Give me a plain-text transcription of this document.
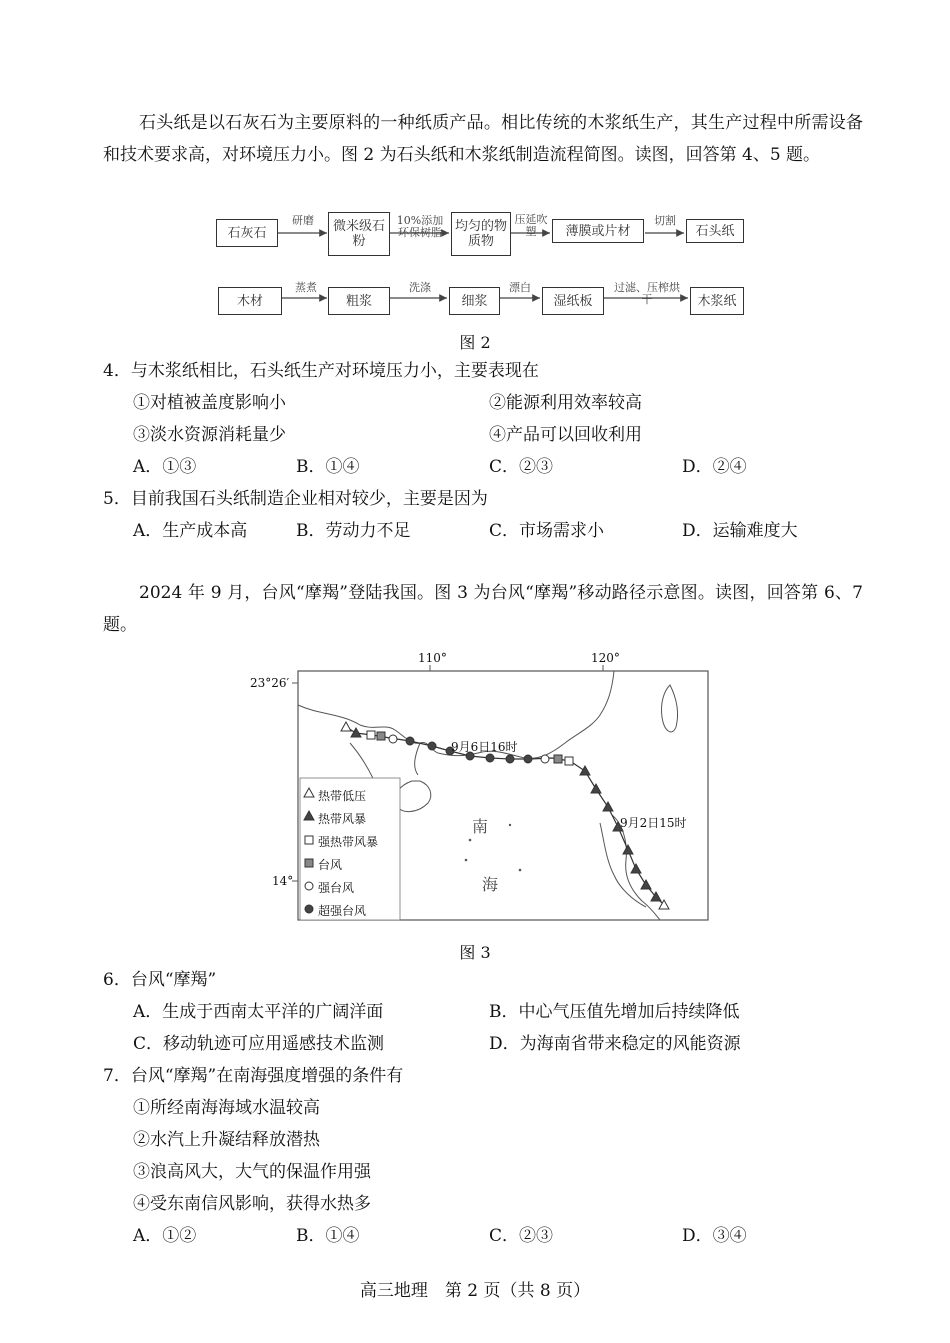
石头纸是以石灰石为主要原料的一种纸质产品。相比传统的木浆纸生产，其生产过程中所需设备和技术要求高，对环境压力小。图 2 为石头纸和木浆纸制造流程简图。读图，回答第 4、5 题。
石灰石	微米级石粉
均匀的物质物
薄膜或片材	石头纸
研磨	10%添加环保树脂
压延吹塑
切割
木材	粗浆	细浆	湿纸板	木浆纸
蒸煮	洗涤	漂白	过滤、压榨烘干
图 2
4．与木浆纸相比，石头纸生产对环境压力小，主要表现在
①对植被盖度影响小	②能源利用效率较高
③淡水资源消耗量少	④产品可以回收利用
A．①③	B．①④	C．②③	D．②④
5．目前我国石头纸制造企业相对较少，主要是因为
A．生产成本高	B．劳动力不足	C．市场需求小	D．运输难度大
2024 年 9 月，台风“摩羯”登陆我国。图 3 为台风“摩羯”移动路径示意图。读图，回答第 6、7 题。
110°	120°
23°26′
14°
9月6日16时
9月2日15时
南
海
热带低压
热带风暴
强热带风暴
台风
强台风
超强台风
图 3
6．台风“摩羯”
A．生成于西南太平洋的广阔洋面	B．中心气压值先增加后持续降低
C．移动轨迹可应用遥感技术监测	D．为海南省带来稳定的风能资源
7．台风“摩羯”在南海强度增强的条件有
①所经南海海域水温较高
②水汽上升凝结释放潜热
③浪高风大，大气的保温作用强
④受东南信风影响，获得水热多
A．①②	B．①④	C．②③	D．③④
高三地理　第 2 页（共 8 页）
